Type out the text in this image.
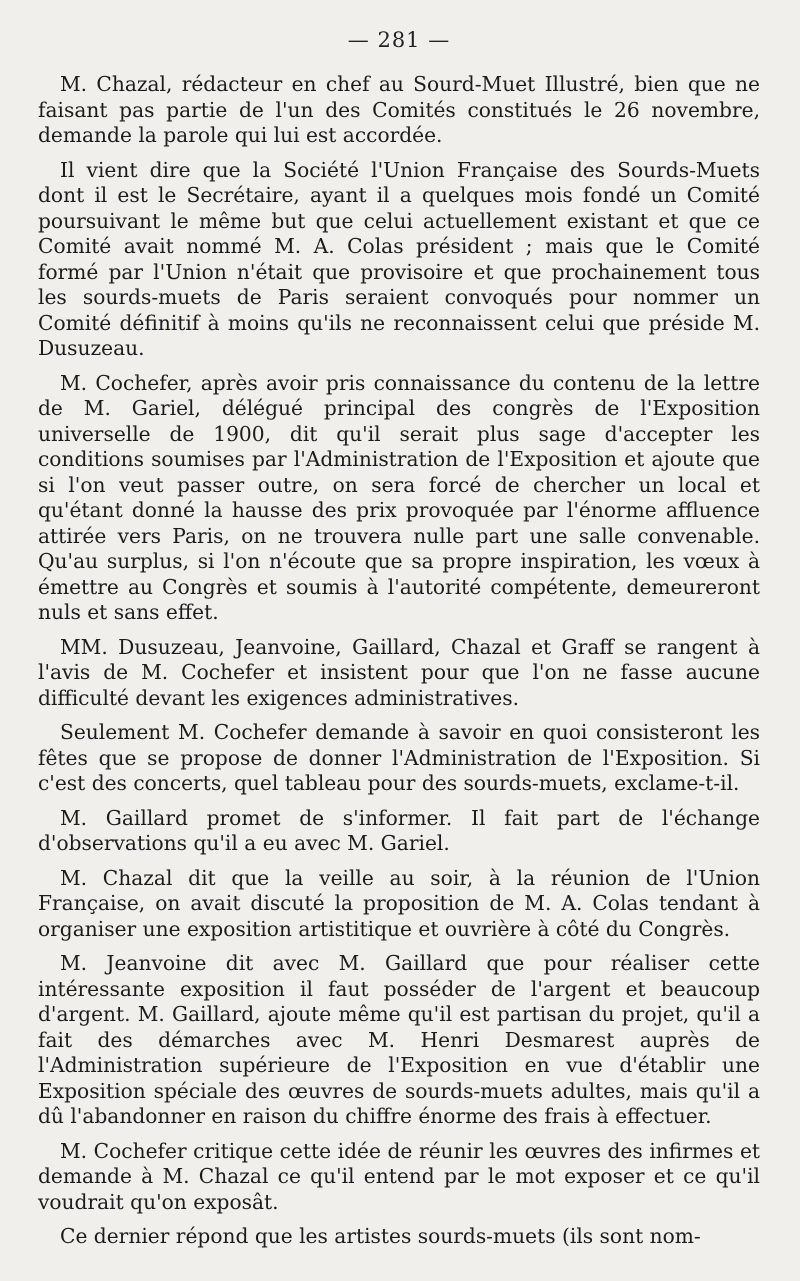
— 281 —

M. Chazal, rédacteur en chef au Sourd-Muet Illustré, bien que ne faisant pas partie de l'un des Comités constitués le 26 novembre, demande la parole qui lui est accordée.

Il vient dire que la Société l'Union Française des Sourds-Muets dont il est le Secrétaire, ayant il a quelques mois fondé un Comité poursuivant le même but que celui actuellement existant et que ce Comité avait nommé M. A. Colas président ; mais que le Comité formé par l'Union n'était que provisoire et que prochainement tous les sourds-muets de Paris seraient convoqués pour nommer un Comité définitif à moins qu'ils ne reconnaissent celui que préside M. Dusuzeau.

M. Cochefer, après avoir pris connaissance du contenu de la lettre de M. Gariel, délégué principal des congrès de l'Exposition universelle de 1900, dit qu'il serait plus sage d'accepter les conditions soumises par l'Administration de l'Exposition et ajoute que si l'on veut passer outre, on sera forcé de chercher un local et qu'étant donné la hausse des prix provoquée par l'énorme affluence attirée vers Paris, on ne trouvera nulle part une salle convenable. Qu'au surplus, si l'on n'écoute que sa propre inspiration, les vœux à émettre au Congrès et soumis à l'autorité compétente, demeureront nuls et sans effet.

MM. Dusuzeau, Jeanvoine, Gaillard, Chazal et Graff se rangent à l'avis de M. Cochefer et insistent pour que l'on ne fasse aucune difficulté devant les exigences administratives.

Seulement M. Cochefer demande à savoir en quoi consisteront les fêtes que se propose de donner l'Administration de l'Exposition. Si c'est des concerts, quel tableau pour des sourds-muets, exclame-t-il.

M. Gaillard promet de s'informer. Il fait part de l'échange d'observations qu'il a eu avec M. Gariel.

M. Chazal dit que la veille au soir, à la réunion de l'Union Française, on avait discuté la proposition de M. A. Colas tendant à organiser une exposition artistitique et ouvrière à côté du Congrès.

M. Jeanvoine dit avec M. Gaillard que pour réaliser cette intéressante exposition il faut posséder de l'argent et beaucoup d'argent. M. Gaillard, ajoute même qu'il est partisan du projet, qu'il a fait des démarches avec M. Henri Desmarest auprès de l'Administration supérieure de l'Exposition en vue d'établir une Exposition spéciale des œuvres de sourds-muets adultes, mais qu'il a dû l'abandonner en raison du chiffre énorme des frais à effectuer.

M. Cochefer critique cette idée de réunir les œuvres des infirmes et demande à M. Chazal ce qu'il entend par le mot exposer et ce qu'il voudrait qu'on exposât.

Ce dernier répond que les artistes sourds-muets (ils sont nom-
